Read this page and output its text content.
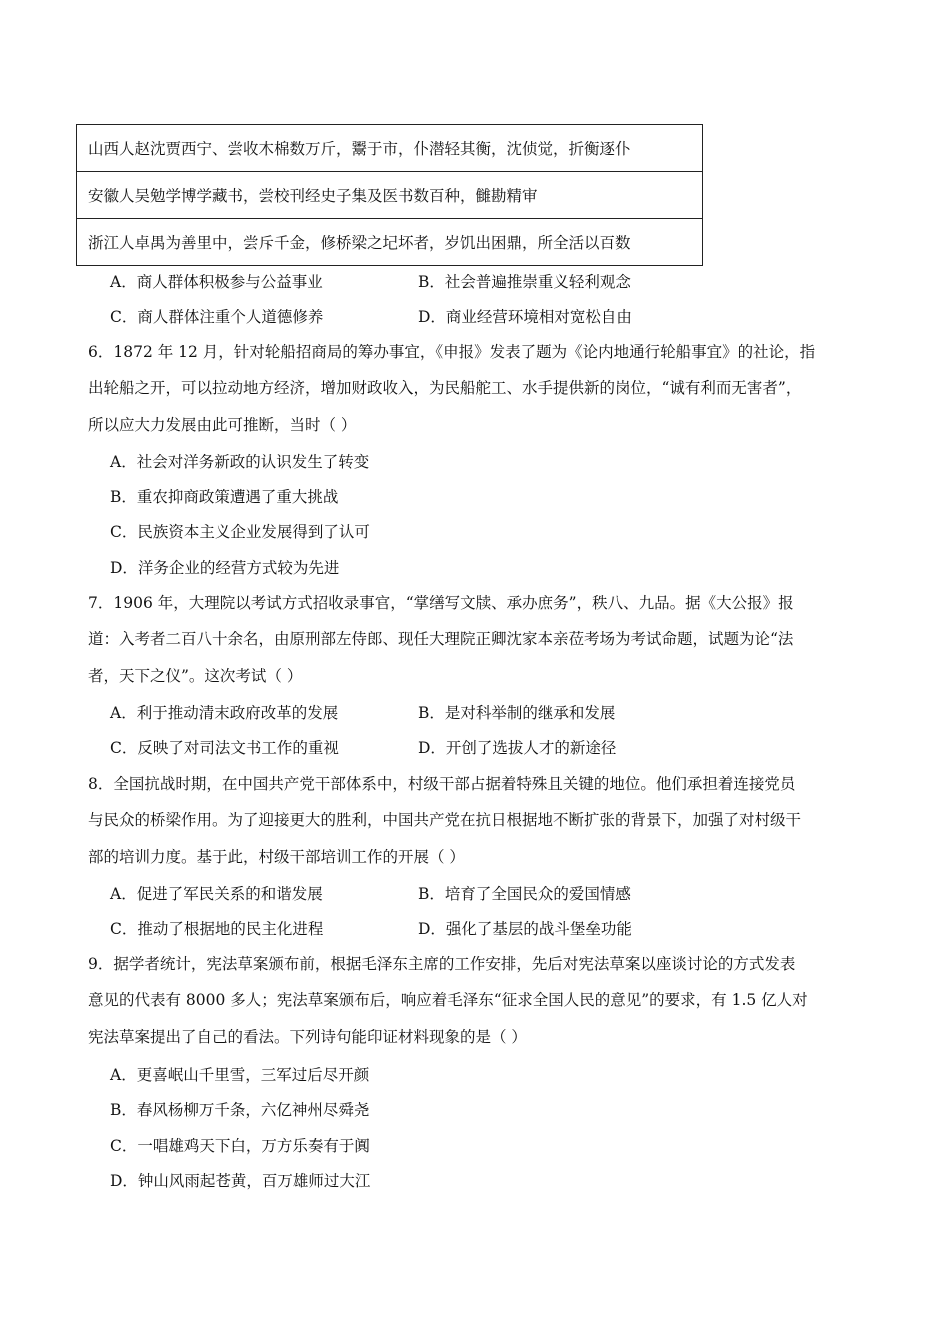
山西人赵沈贾西宁、尝收木棉数万斤，鬻于市，仆潜轻其衡，沈侦觉，折衡逐仆
安徽人吴勉学博学藏书，尝校刊经史子集及医书数百种，雠勘精审
浙江人卓禺为善里中，尝斥千金，修桥梁之圮坏者，岁饥出困鼎，所全活以百数
A．商人群体积极参与公益事业	B．社会普遍推崇重义轻利观念
C．商人群体注重个人道德修养	D．商业经营环境相对宽松自由
6．1872 年 12 月，针对轮船招商局的筹办事宜，《申报》发表了题为《论内地通行轮船事宜》的社论，指
出轮船之开，可以拉动地方经济，增加财政收入，为民船舵工、水手提供新的岗位，“诚有利而无害者”，
所以应大力发展由此可推断，当时（ ）
A．社会对洋务新政的认识发生了转变
B．重农抑商政策遭遇了重大挑战
C．民族资本主义企业发展得到了认可
D．洋务企业的经营方式较为先进
7．1906 年，大理院以考试方式招收录事官，“掌缮写文牍、承办庶务”，秩八、九品。据《大公报》报
道：入考者二百八十余名，由原刑部左侍郎、现任大理院正卿沈家本亲莅考场为考试命题，试题为论“法
者，天下之仪”。这次考试（ ）
A．利于推动清末政府改革的发展	B．是对科举制的继承和发展
C．反映了对司法文书工作的重视	D．开创了选拔人才的新途径
8．全国抗战时期，在中国共产党干部体系中，村级干部占据着特殊且关键的地位。他们承担着连接党员
与民众的桥梁作用。为了迎接更大的胜利，中国共产党在抗日根据地不断扩张的背景下，加强了对村级干
部的培训力度。基于此，村级干部培训工作的开展（ ）
A．促进了军民关系的和谐发展	B．培育了全国民众的爱国情感
C．推动了根据地的民主化进程	D．强化了基层的战斗堡垒功能
9．据学者统计，宪法草案颁布前，根据毛泽东主席的工作安排，先后对宪法草案以座谈讨论的方式发表
意见的代表有 8000 多人；宪法草案颁布后，响应着毛泽东“征求全国人民的意见”的要求，有 1.5 亿人对
宪法草案提出了自己的看法。下列诗句能印证材料现象的是（ ）
A．更喜岷山千里雪，三军过后尽开颜
B．春风杨柳万千条，六亿神州尽舜尧
C．一唱雄鸡天下白，万方乐奏有于阗
D．钟山风雨起苍黄，百万雄师过大江
